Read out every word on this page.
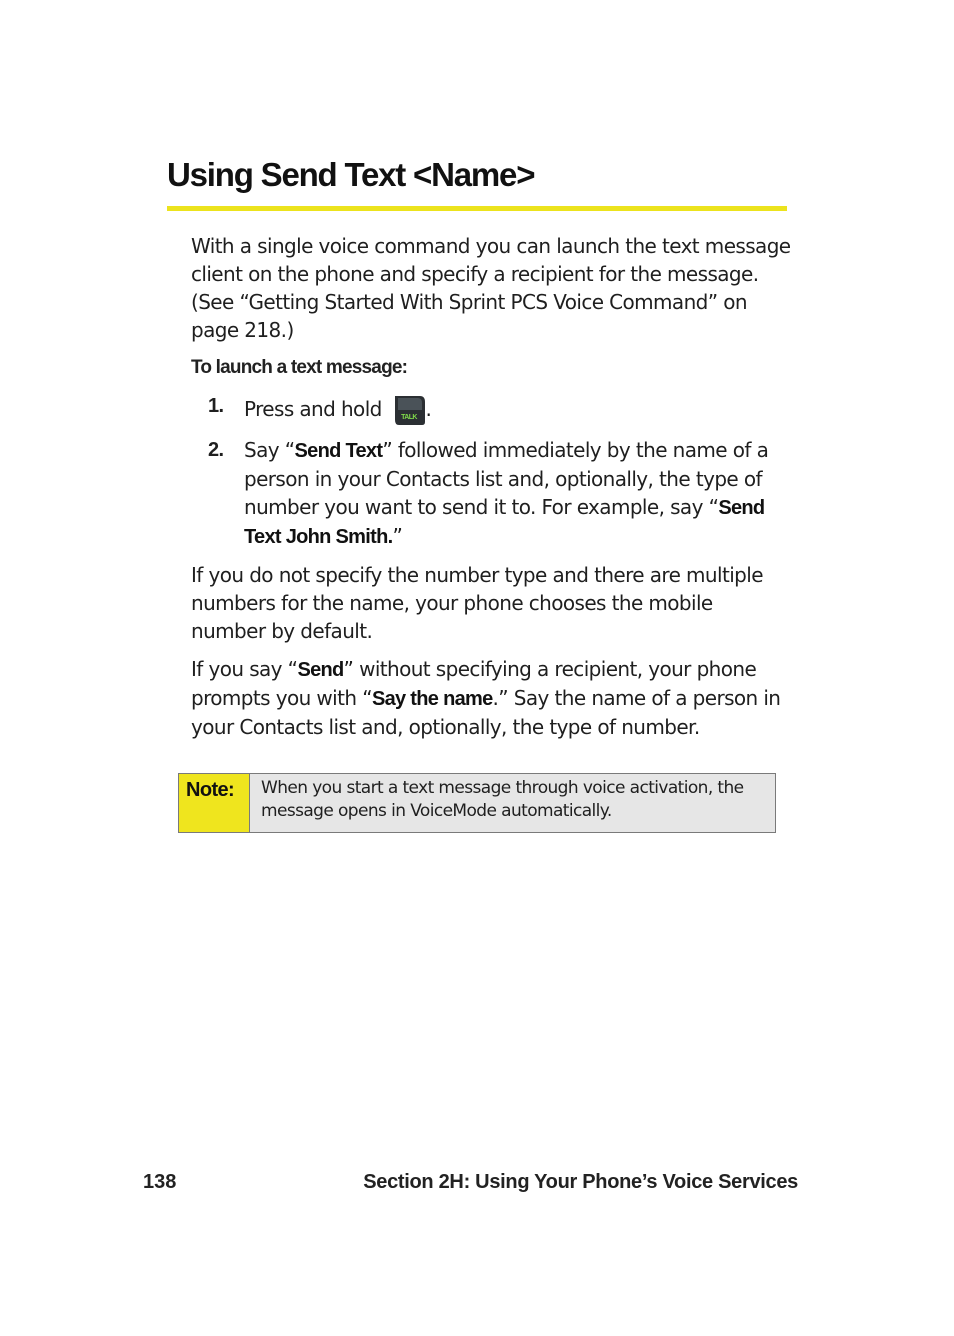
Using Send Text <Name>

With a single voice command you can launch the text message client on the phone and specify a recipient for the message. (See “Getting Started With Sprint PCS Voice Command” on page 218.)

To launch a text message:

1. Press and hold	TALK .
2. Say “Send Text” followed immediately by the name of a person in your Contacts list and, optionally, the type of number you want to send it to. For example, say “Send Text John Smith.”

If you do not specify the number type and there are multiple numbers for the name, your phone chooses the mobile number by default.

If you say “Send” without specifying a recipient, your phone prompts you with “Say the name.” Say the name of a person in your Contacts list and, optionally, the type of number.

Note:	When you start a text message through voice activation, the message opens in VoiceMode automatically.
138	Section 2H: Using Your Phone’s Voice Services
